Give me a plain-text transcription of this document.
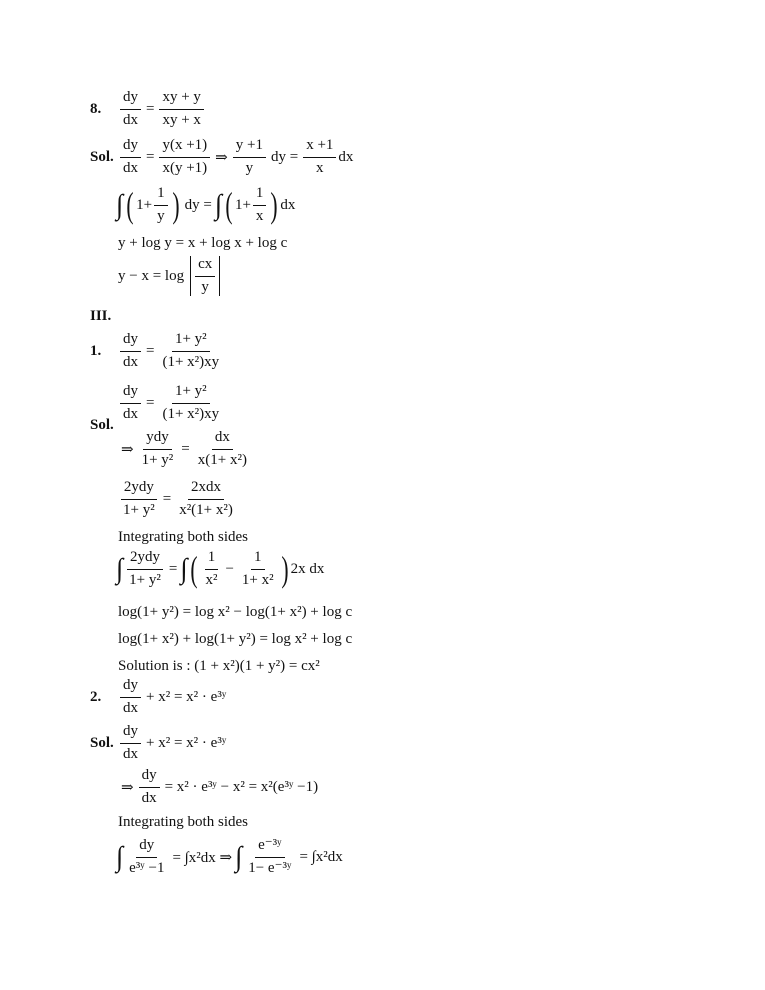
8. $\frac{dy}{dx} = \frac{xy + y}{xy + x}$
Sol. $\frac{dy}{dx} = \frac{y(x +1)}{x(y +1)}$ ⇒ $\frac{y +1}{y}$ dy = $\frac{x +1}{x}$ dx
∫ ( $1+ \frac{1}{y}$ ) dy = ∫ ( $1+ \frac{1}{x}$ ) dx
y + log y = x + log x + log c
$y - x = \log \frac{cx}{y}$
III.
1. $\frac{dy}{dx} = \frac{\text{1+ y²}}{\text{(1+ x²)xy}}$
Sol.
$\frac{dy}{dx} = \frac{\text{1+ y²}}{\text{(1+ x²)xy}}$
⇒ $\frac{\text{ydy}}{\text{1+ y²}} = \frac{dx}{\text{x(1+ x²)}}$
$\frac{\text{2ydy}}{\text{1+ y²}} = \frac{\text{2xdx}}{\text{x²(1+ x²)}}$
Integrating both sides
∫ $\frac{\text{2ydy}}{\text{1+ y²}}$ = ∫ ( $\frac{1}{\text{x²}} - \frac{1}{\text{1+ x²}}$ ) 2x dx
log(1+ y²) = log x² − log(1+ x²) + log c
log(1+ x²) + log(1+ y²) = log x² + log c
Solution is : (1 + x²)(1 + y²) = cx²
2. $\frac{dy}{dx} + x^2 = x^2$ · e³ʸ
Sol. $\frac{dy}{dx} + x^2 = x^2$ · e³ʸ
⇒ $\frac{dy}{dx} = x^2$ · e³ʸ − x² = x²(e³ʸ −1)
Integrating both sides
∫ $\frac{dy}{\text{e³ʸ −1}} = \int x^2dx$ ⇒ ∫ $\frac{\text{e⁻³ʸ}}{\text{1− e⁻³ʸ}} = \int x^2dx$
